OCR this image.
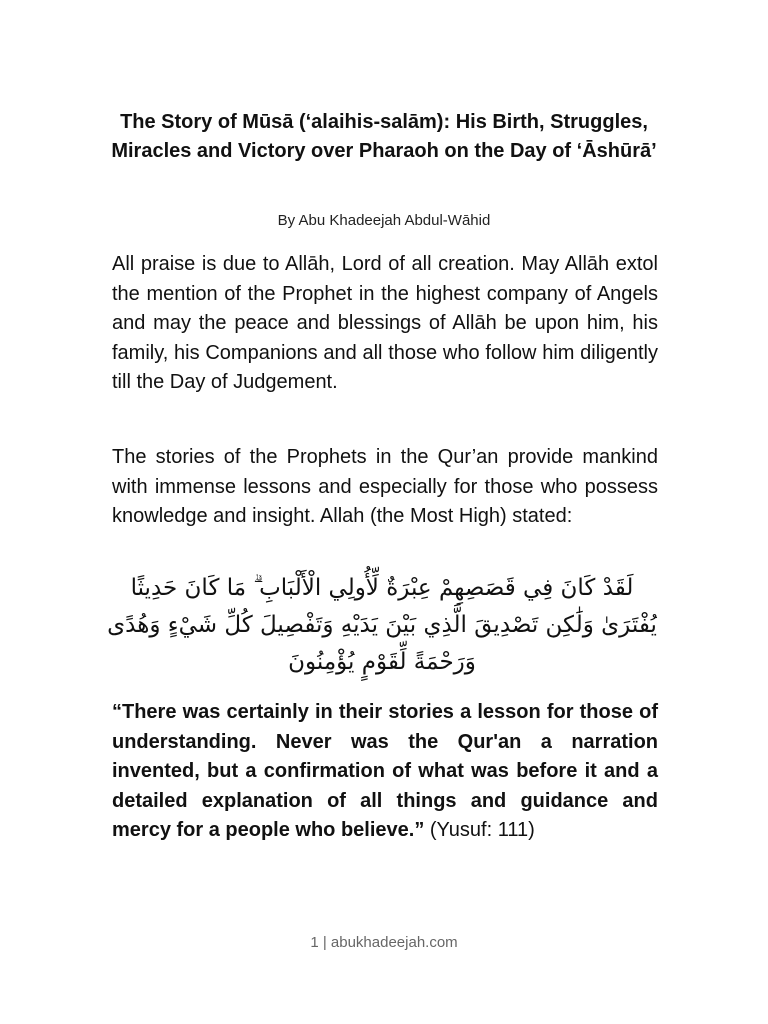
The Story of Mūsā (‘alaihis-salām): His Birth, Struggles, Miracles and Victory over Pharaoh on the Day of ‘Āshūrā’

By Abu Khadeejah Abdul-Wāhid

All praise is due to Allāh, Lord of all creation. May Allāh extol the mention of the Prophet in the highest company of Angels and may the peace and blessings of Allāh be upon him, his family, his Companions and all those who follow him diligently till the Day of Judgement.

The stories of the Prophets in the Qur’an provide mankind with immense lessons and especially for those who possess knowledge and insight. Allah (the Most High) stated:

لَقَدْ كَانَ فِي قَصَصِهِمْ عِبْرَةٌ لِّأُولِي الْأَلْبَابِ ۗ مَا كَانَ حَدِيثًا يُفْتَرَىٰ وَلَٰكِن تَصْدِيقَ الَّذِي بَيْنَ يَدَيْهِ وَتَفْصِيلَ كُلِّ شَيْءٍ وَهُدًى وَرَحْمَةً لِّقَوْمٍ يُؤْمِنُونَ

“There was certainly in their stories a lesson for those of understanding. Never was the Qur'an a narration invented, but a confirmation of what was before it and a detailed explanation of all things and guidance and mercy for a people who believe.” (Yusuf: 111)

1 | abukhadeejah.com
